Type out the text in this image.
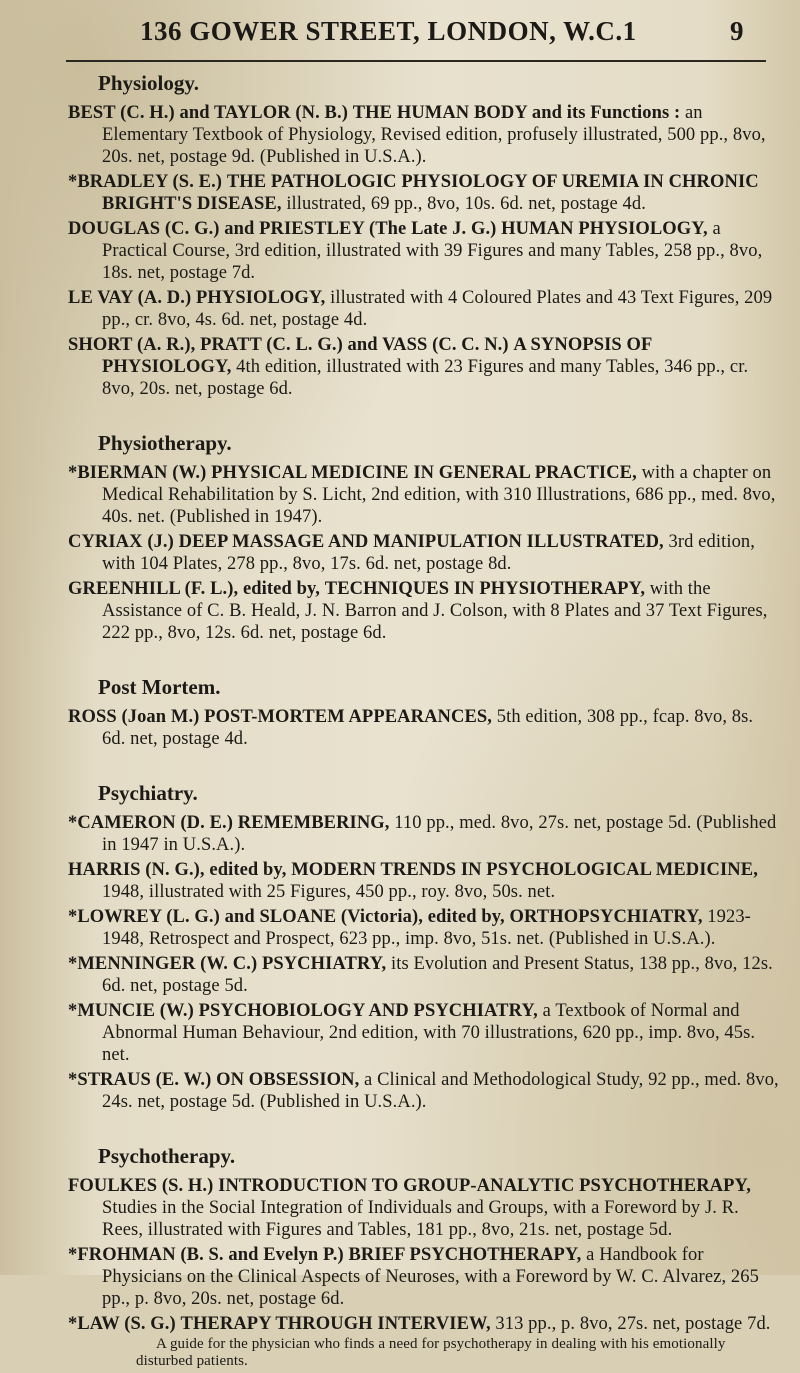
136 GOWER STREET, LONDON, W.C.1	9
Physiology.
BEST (C. H.) and TAYLOR (N. B.) THE HUMAN BODY and its Functions : an Elementary Textbook of Physiology, Revised edition, profusely illustrated, 500 pp., 8vo, 20s. net, postage 9d. (Published in U.S.A.).
*BRADLEY (S. E.) THE PATHOLOGIC PHYSIOLOGY OF UREMIA IN CHRONIC BRIGHT'S DISEASE, illustrated, 69 pp., 8vo, 10s. 6d. net, postage 4d.
DOUGLAS (C. G.) and PRIESTLEY (The Late J. G.) HUMAN PHYSIOLOGY, a Practical Course, 3rd edition, illustrated with 39 Figures and many Tables, 258 pp., 8vo, 18s. net, postage 7d.
LE VAY (A. D.) PHYSIOLOGY, illustrated with 4 Coloured Plates and 43 Text Figures, 209 pp., cr. 8vo, 4s. 6d. net, postage 4d.
SHORT (A. R.), PRATT (C. L. G.) and VASS (C. C. N.) A SYNOPSIS OF PHYSIOLOGY, 4th edition, illustrated with 23 Figures and many Tables, 346 pp., cr. 8vo, 20s. net, postage 6d.
Physiotherapy.
*BIERMAN (W.) PHYSICAL MEDICINE IN GENERAL PRACTICE, with a chapter on Medical Rehabilitation by S. Licht, 2nd edition, with 310 Illustrations, 686 pp., med. 8vo, 40s. net. (Published in 1947).
CYRIAX (J.) DEEP MASSAGE AND MANIPULATION ILLUSTRATED, 3rd edition, with 104 Plates, 278 pp., 8vo, 17s. 6d. net, postage 8d.
GREENHILL (F. L.), edited by, TECHNIQUES IN PHYSIOTHERAPY, with the Assistance of C. B. Heald, J. N. Barron and J. Colson, with 8 Plates and 37 Text Figures, 222 pp., 8vo, 12s. 6d. net, postage 6d.
Post Mortem.
ROSS (Joan M.) POST-MORTEM APPEARANCES, 5th edition, 308 pp., fcap. 8vo, 8s. 6d. net, postage 4d.
Psychiatry.
*CAMERON (D. E.) REMEMBERING, 110 pp., med. 8vo, 27s. net, postage 5d. (Published in 1947 in U.S.A.).
HARRIS (N. G.), edited by, MODERN TRENDS IN PSYCHOLOGICAL MEDICINE, 1948, illustrated with 25 Figures, 450 pp., roy. 8vo, 50s. net.
*LOWREY (L. G.) and SLOANE (Victoria), edited by, ORTHOPSYCHIATRY, 1923-1948, Retrospect and Prospect, 623 pp., imp. 8vo, 51s. net. (Published in U.S.A.).
*MENNINGER (W. C.) PSYCHIATRY, its Evolution and Present Status, 138 pp., 8vo, 12s. 6d. net, postage 5d.
*MUNCIE (W.) PSYCHOBIOLOGY AND PSYCHIATRY, a Textbook of Normal and Abnormal Human Behaviour, 2nd edition, with 70 illustrations, 620 pp., imp. 8vo, 45s. net.
*STRAUS (E. W.) ON OBSESSION, a Clinical and Methodological Study, 92 pp., med. 8vo, 24s. net, postage 5d. (Published in U.S.A.).
Psychotherapy.
FOULKES (S. H.) INTRODUCTION TO GROUP-ANALYTIC PSYCHOTHERAPY, Studies in the Social Integration of Individuals and Groups, with a Foreword by J. R. Rees, illustrated with Figures and Tables, 181 pp., 8vo, 21s. net, postage 5d.
*FROHMAN (B. S. and Evelyn P.) BRIEF PSYCHOTHERAPY, a Handbook for Physicians on the Clinical Aspects of Neuroses, with a Foreword by W. C. Alvarez, 265 pp., p. 8vo, 20s. net, postage 6d.
*LAW (S. G.) THERAPY THROUGH INTERVIEW, 313 pp., p. 8vo, 27s. net, postage 7d.
A guide for the physician who finds a need for psychotherapy in dealing with his emotionally disturbed patients.
